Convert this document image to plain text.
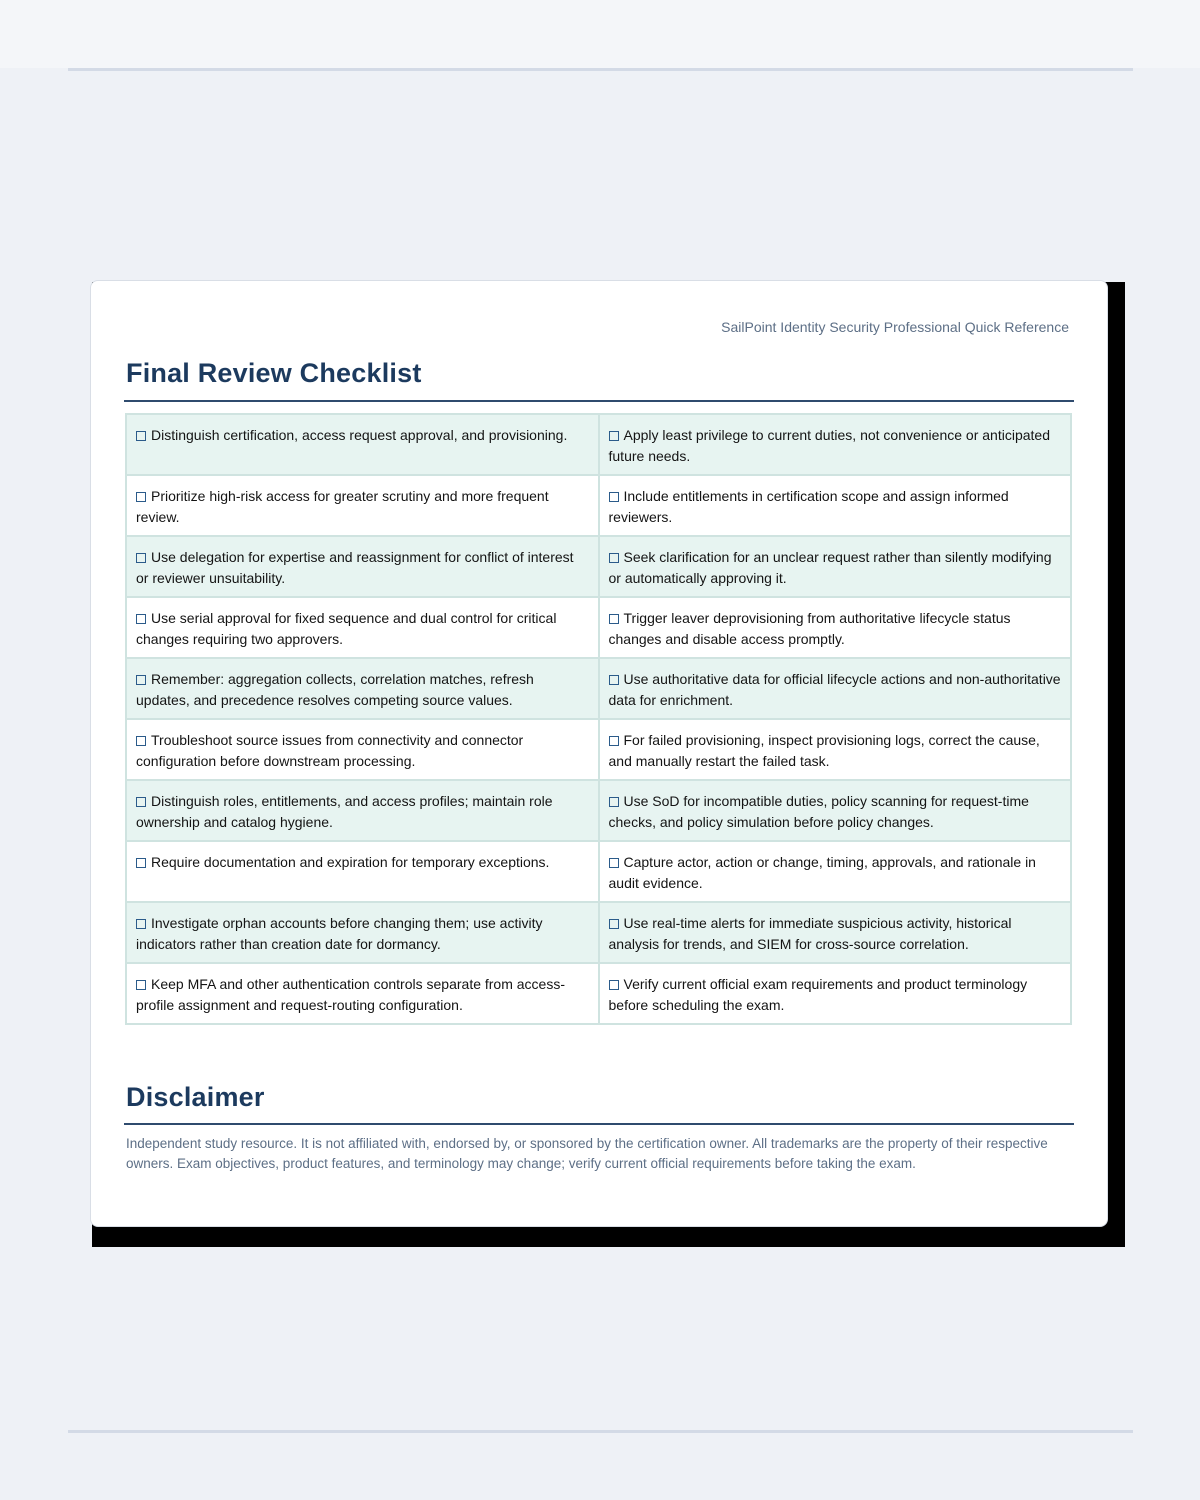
SailPoint Identity Security Professional Quick Reference
Final Review Checklist
Distinguish certification, access request approval, and provisioning.	Apply least privilege to current duties, not convenience or anticipated future needs.
Prioritize high-risk access for greater scrutiny and more frequent review.	Include entitlements in certification scope and assign informed reviewers.
Use delegation for expertise and reassignment for conflict of interest or reviewer unsuitability.	Seek clarification for an unclear request rather than silently modifying or automatically approving it.
Use serial approval for fixed sequence and dual control for critical changes requiring two approvers.	Trigger leaver deprovisioning from authoritative lifecycle status changes and disable access promptly.
Remember: aggregation collects, correlation matches, refresh updates, and precedence resolves competing source values.	Use authoritative data for official lifecycle actions and non-authoritative data for enrichment.
Troubleshoot source issues from connectivity and connector configuration before downstream processing.	For failed provisioning, inspect provisioning logs, correct the cause, and manually restart the failed task.
Distinguish roles, entitlements, and access profiles; maintain role ownership and catalog hygiene.	Use SoD for incompatible duties, policy scanning for request-time checks, and policy simulation before policy changes.
Require documentation and expiration for temporary exceptions.	Capture actor, action or change, timing, approvals, and rationale in audit evidence.
Investigate orphan accounts before changing them; use activity indicators rather than creation date for dormancy.	Use real-time alerts for immediate suspicious activity, historical analysis for trends, and SIEM for cross-source correlation.
Keep MFA and other authentication controls separate from access-profile assignment and request-routing configuration.	Verify current official exam requirements and product terminology before scheduling the exam.
Disclaimer

Independent study resource. It is not affiliated with, endorsed by, or sponsored by the certification owner. All trademarks are the property of their respective owners. Exam objectives, product features, and terminology may change; verify current official requirements before taking the exam.
